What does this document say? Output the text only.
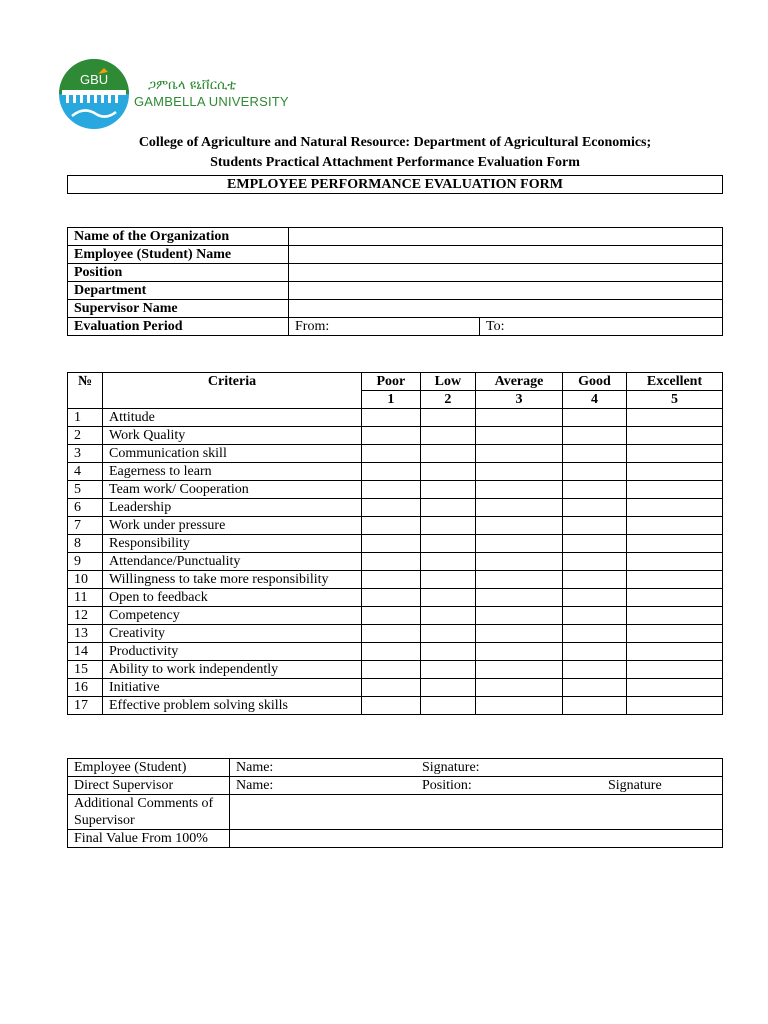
GBU	ጋምቤላ ዩኒቨርሲቲ
GAMBELLA UNIVERSITY
College of Agriculture and Natural Resource: Department of Agricultural Economics;
Students Practical Attachment Performance Evaluation Form
EMPLOYEE PERFORMANCE EVALUATION FORM
Name of the Organization		
Employee (Student) Name		
Position		
Department		
Supervisor Name		
Evaluation Period	From:	To:
№	Criteria	Poor	Low	Average	Good	Excellent
		1	2	3	4	5
1	Attitude					
2	Work Quality					
3	Communication skill					
4	Eagerness to learn					
5	Team work/ Cooperation					
6	Leadership					
7	Work under pressure					
8	Responsibility					
9	Attendance/Punctuality					
10	Willingness to take more responsibility					
11	Open to feedback					
12	Competency					
13	Creativity					
14	Productivity					
15	Ability to work independently					
16	Initiative					
17	Effective problem solving skills					
Employee (Student)	Name: Signature:
Direct Supervisor	Name: Position: Signature
Additional Comments of Supervisor	
Final Value From 100%	
